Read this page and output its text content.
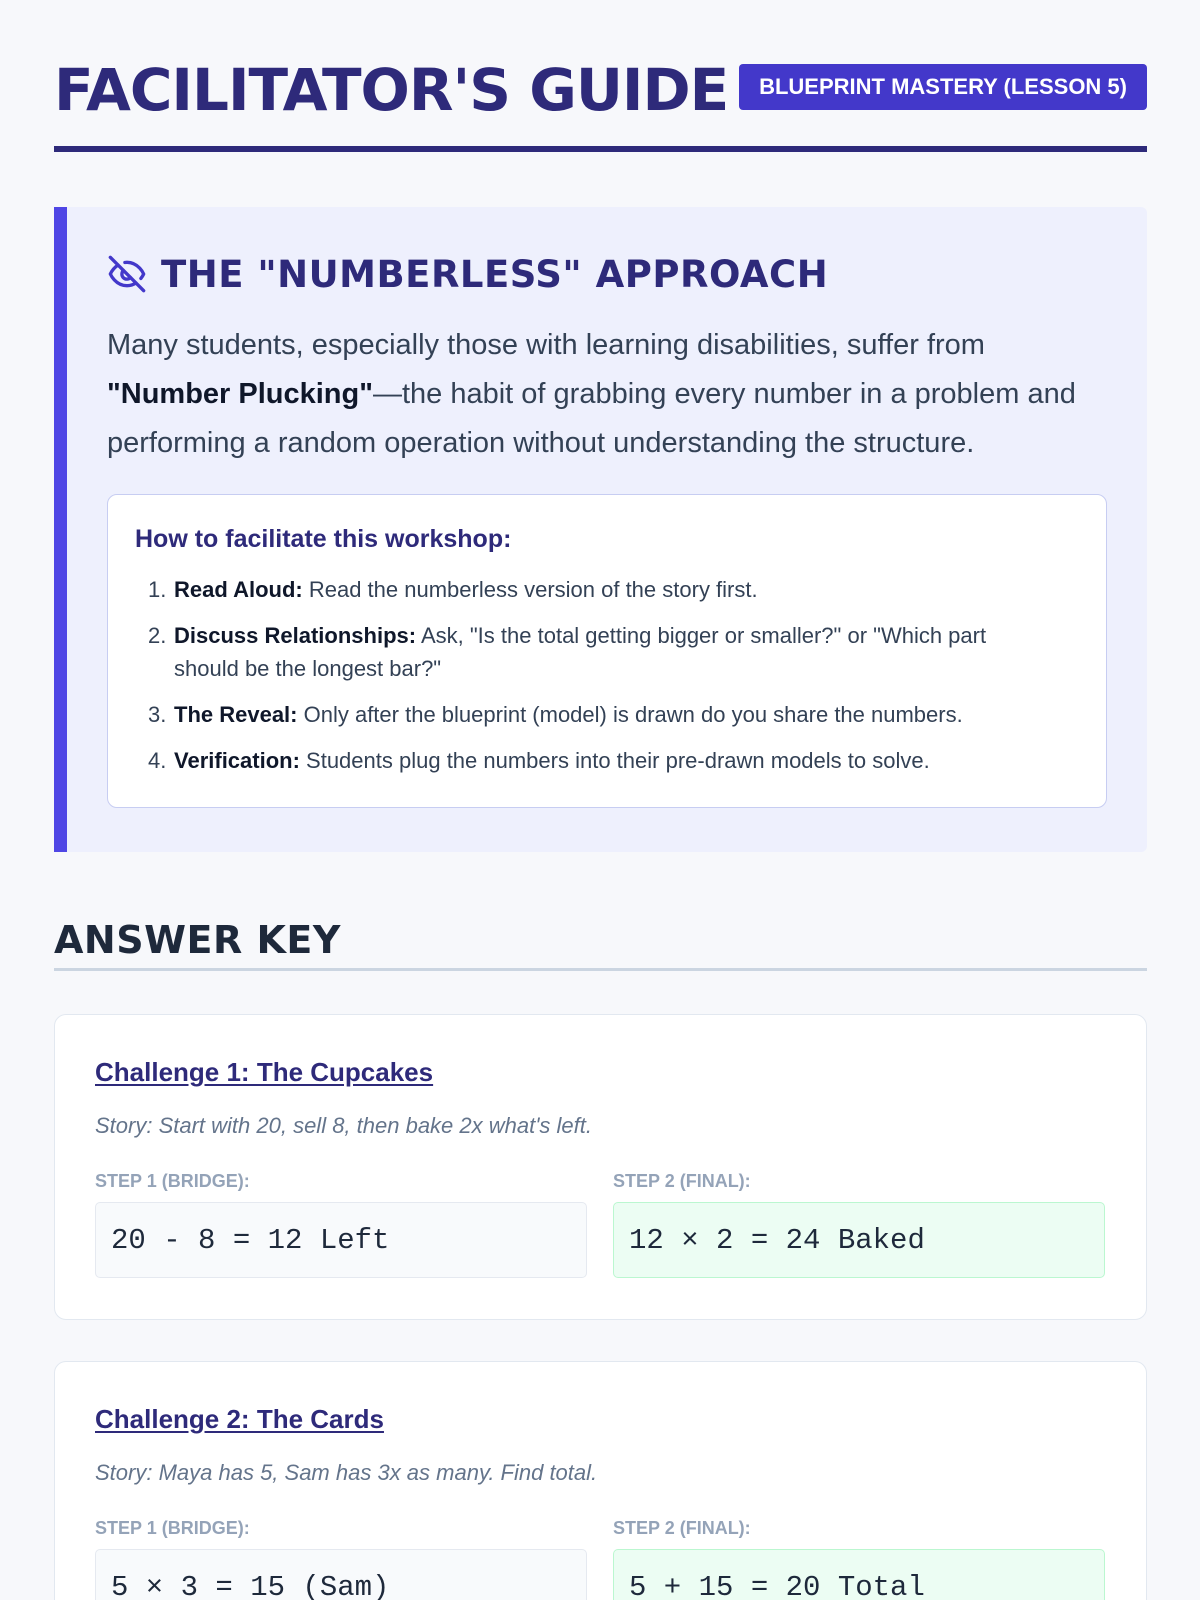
FACILITATOR'S GUIDE	BLUEPRINT MASTERY (LESSON 5)
THE "NUMBERLESS" APPROACH

Many students, especially those with learning disabilities, suffer from "Number Plucking"—the habit of grabbing every number in a problem and performing a random operation without understanding the structure.

How to facilitate this workshop:
1. Read Aloud: Read the numberless version of the story first.
2. Discuss Relationships: Ask, "Is the total getting bigger or smaller?" or "Which part should be the longest bar?"
3. The Reveal: Only after the blueprint (model) is drawn do you share the numbers.
4. Verification: Students plug the numbers into their pre-drawn models to solve.
ANSWER KEY
Challenge 1: The Cupcakes
Story: Start with 20, sell 8, then bake 2x what's left.
STEP 1 (BRIDGE):	STEP 2 (FINAL):
20 - 8 = 12 Left	12 × 2 = 24 Baked
Challenge 2: The Cards
Story: Maya has 5, Sam has 3x as many. Find total.
STEP 1 (BRIDGE):	STEP 2 (FINAL):
5 × 3 = 15 (Sam)	5 + 15 = 20 Total
